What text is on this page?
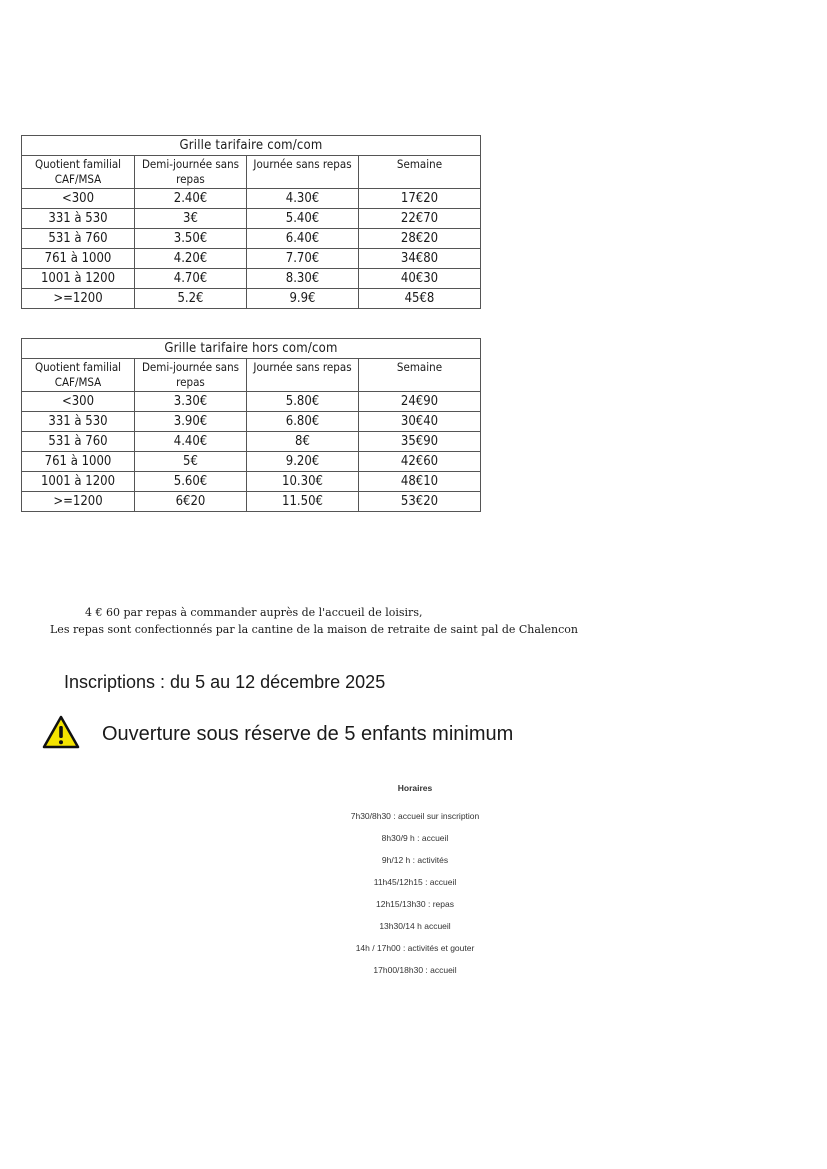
Grille tarifaire com/com			
Quotient familial CAF/MSA	Demi-journée sans repas	Journée sans repas	Semaine
<300	2.40€	4.30€	17€20
331 à 530	3€	5.40€	22€70
531 à 760	3.50€	6.40€	28€20
761 à 1000	4.20€	7.70€	34€80
1001 à 1200	4.70€	8.30€	40€30
>=1200	5.2€	9.9€	45€8
Grille tarifaire hors com/com			
Quotient familial CAF/MSA	Demi-journée sans repas	Journée sans repas	Semaine
<300	3.30€	5.80€	24€90
331 à 530	3.90€	6.80€	30€40
531 à 760	4.40€	8€	35€90
761 à 1000	5€	9.20€	42€60
1001 à 1200	5.60€	10.30€	48€10
>=1200	6€20	11.50€	53€20
4 € 60 par repas à commander auprès de l'accueil de loisirs,
Les repas sont confectionnés par la cantine de la maison de retraite de saint pal de Chalencon
Inscriptions : du 5 au 12 décembre 2025
Ouverture sous réserve de 5 enfants minimum
Horaires
7h30/8h30 : accueil sur inscription
8h30/9 h : accueil
9h/12 h : activités
11h45/12h15 : accueil
12h15/13h30 : repas
13h30/14 h accueil
14h / 17h00 : activités et gouter
17h00/18h30 : accueil
